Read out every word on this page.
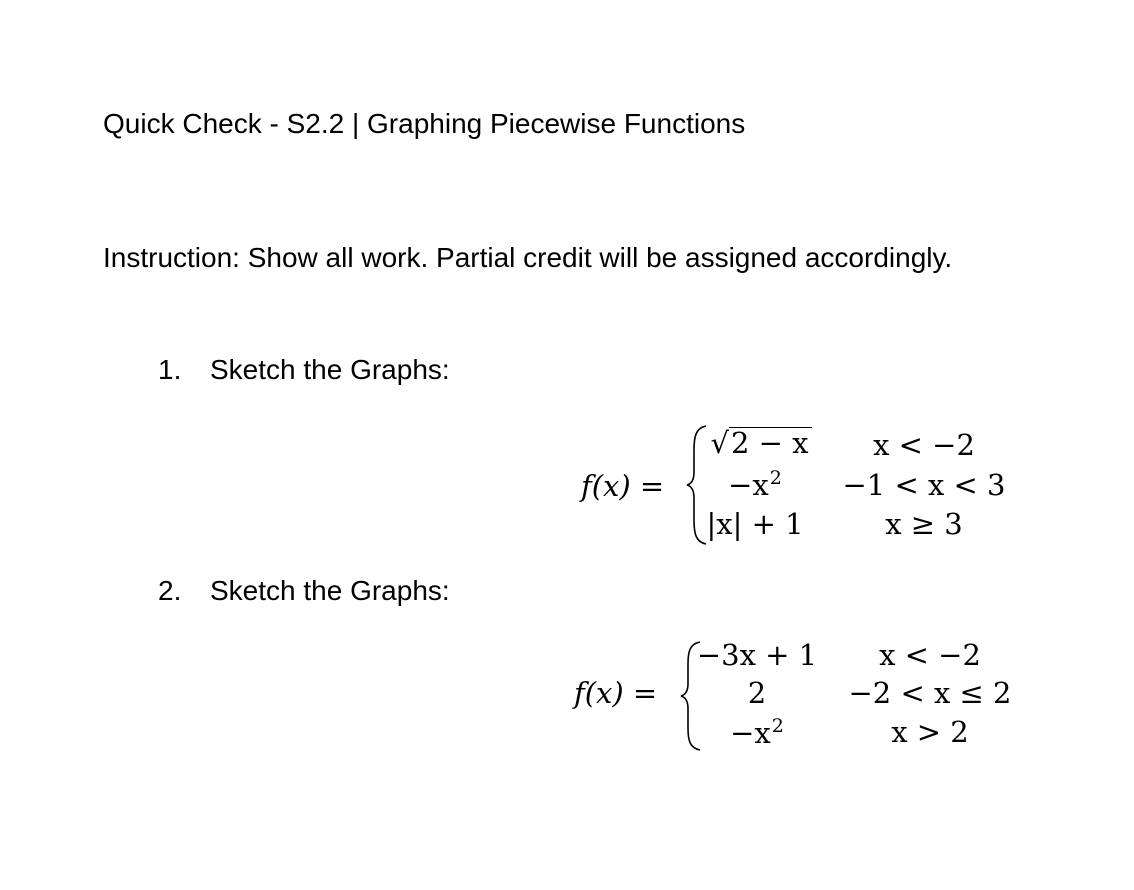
Quick Check - S2.2 | Graphing Piecewise Functions
Instruction: Show all work. Partial credit will be assigned accordingly.
1. Sketch the Graphs:
f(x) =
√2 − x	x < −2
$-x^2$	−1 < x < 3
|x| + 1	x ≥ 3
2. Sketch the Graphs:
f(x) =
−3x + 1	x < −2
2	−2 < x ≤ 2
$-x^2$	x > 2
